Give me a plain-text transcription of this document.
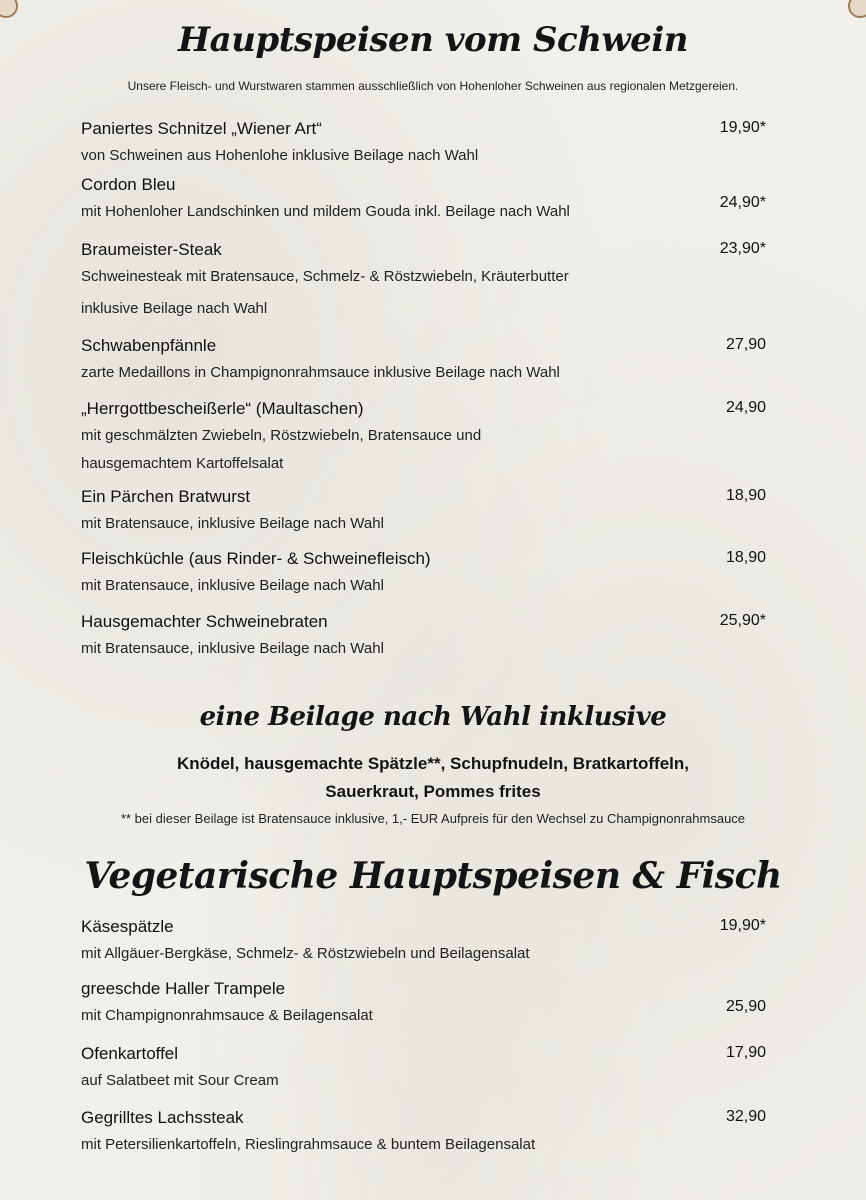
Hauptspeisen vom Schwein
Unsere Fleisch- und Wurstwaren stammen ausschließlich von Hohenloher Schweinen aus regionalen Metzgereien.
Paniertes Schnitzel „Wiener Art“
von Schweinen aus Hohenlohe inklusive Beilage nach Wahl
19,90*
Cordon Bleu
mit Hohenloher Landschinken und mildem Gouda inkl. Beilage nach Wahl
24,90*
Braumeister-Steak
Schweinesteak mit Bratensauce, Schmelz- & Röstzwiebeln, Kräuterbutter
inklusive Beilage nach Wahl
23,90*
Schwabenpfännle
zarte Medaillons in Champignonrahmsauce inklusive Beilage nach Wahl
27,90
„Herrgottbescheißerle“ (Maultaschen)
mit geschmälzten Zwiebeln, Röstzwiebeln, Bratensauce und
hausgemachtem Kartoffelsalat
24,90
Ein Pärchen Bratwurst
mit Bratensauce, inklusive Beilage nach Wahl
18,90
Fleischküchle (aus Rinder- & Schweinefleisch)
mit Bratensauce, inklusive Beilage nach Wahl
18,90
Hausgemachter Schweinebraten
mit Bratensauce, inklusive Beilage nach Wahl
25,90*
eine Beilage nach Wahl inklusive
Knödel, hausgemachte Spätzle**, Schupfnudeln, Bratkartoffeln,
Sauerkraut, Pommes frites
** bei dieser Beilage ist Bratensauce inklusive, 1,- EUR Aufpreis für den Wechsel zu Champignonrahmsauce
Vegetarische Hauptspeisen & Fisch
Käsespätzle
mit Allgäuer-Bergkäse, Schmelz- & Röstzwiebeln und Beilagensalat
19,90*
greeschde Haller Trampele
mit Champignonrahmsauce & Beilagensalat
25,90
Ofenkartoffel
auf Salatbeet mit Sour Cream
17,90
Gegrilltes Lachssteak
mit Petersilienkartoffeln, Rieslingrahmsauce & buntem Beilagensalat
32,90
